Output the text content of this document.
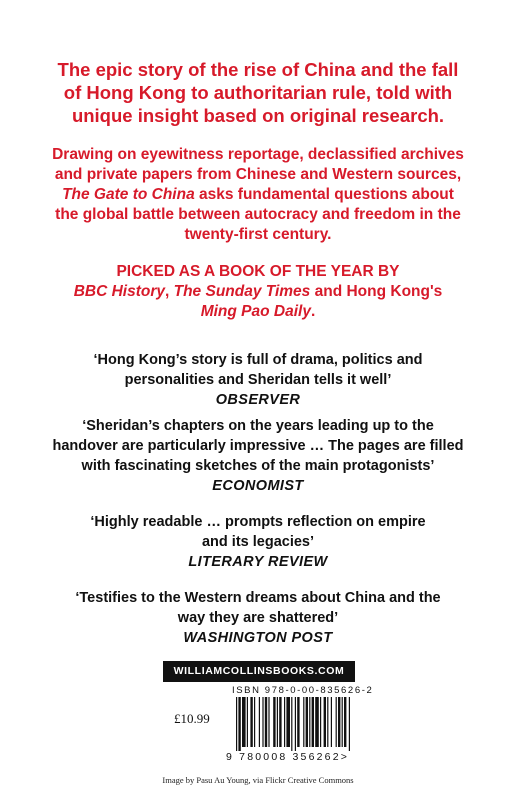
The epic story of the rise of China and the fall of Hong Kong to authoritarian rule, told with unique insight based on original research.

Drawing on eyewitness reportage, declassified archives and private papers from Chinese and Western sources, The Gate to China asks fundamental questions about the global battle between autocracy and freedom in the twenty-first century.

PICKED AS A BOOK OF THE YEAR BY
BBC History, The Sunday Times and Hong Kong's
Ming Pao Daily.

‘Hong Kong’s story is full of drama, politics and personalities and Sheridan tells it well’
OBSERVER
‘Sheridan’s chapters on the years leading up to the handover are particularly impressive … The pages are filled with fascinating sketches of the main protagonists’
ECONOMIST
‘Highly readable … prompts reflection on empire and its legacies’
LITERARY REVIEW
‘Testifies to the Western dreams about China and the way they are shattered’
WASHINGTON POST
WILLIAMCOLLINSBOOKS.COM
ISBN 978-0-00-835626-2
£10.99
9 780008 356262>
Image by Pasu Au Young, via Flickr Creative Commons
